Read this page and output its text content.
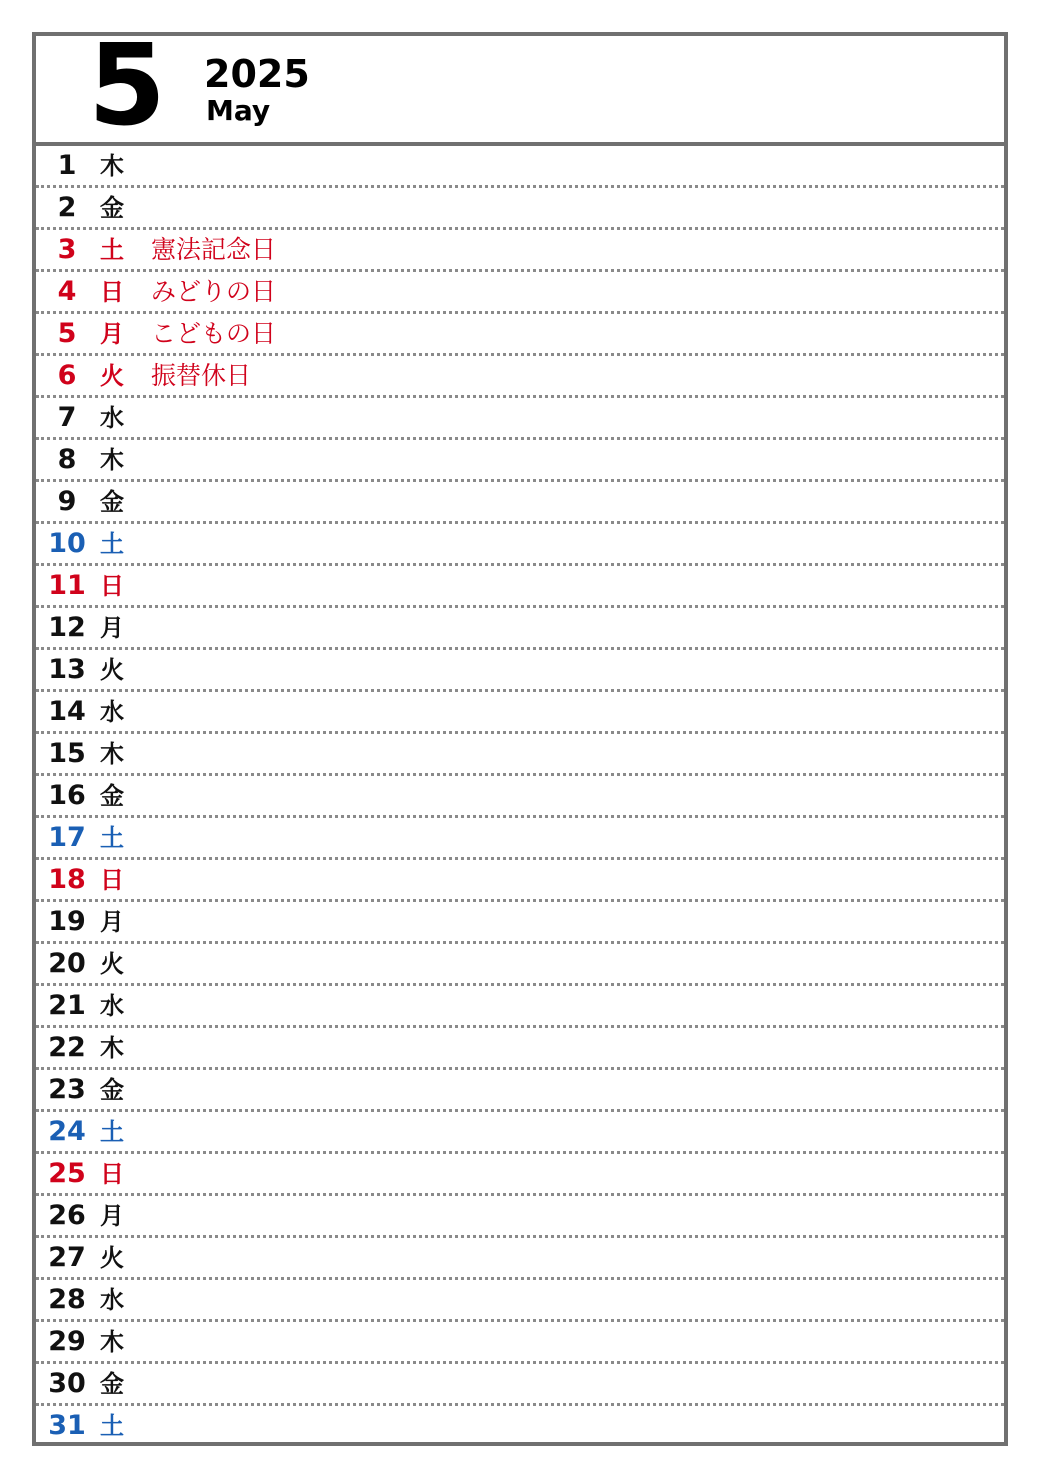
5 2025
May
1 木
2 金
3 土 憲法記念日
4 日 みどりの日
5 月 こどもの日
6 火 振替休日
7 水
8 木
9 金
10 土
11 日
12 月
13 火
14 水
15 木
16 金
17 土
18 日
19 月
20 火
21 水
22 木
23 金
24 土
25 日
26 月
27 火
28 水
29 木
30 金
31 土
